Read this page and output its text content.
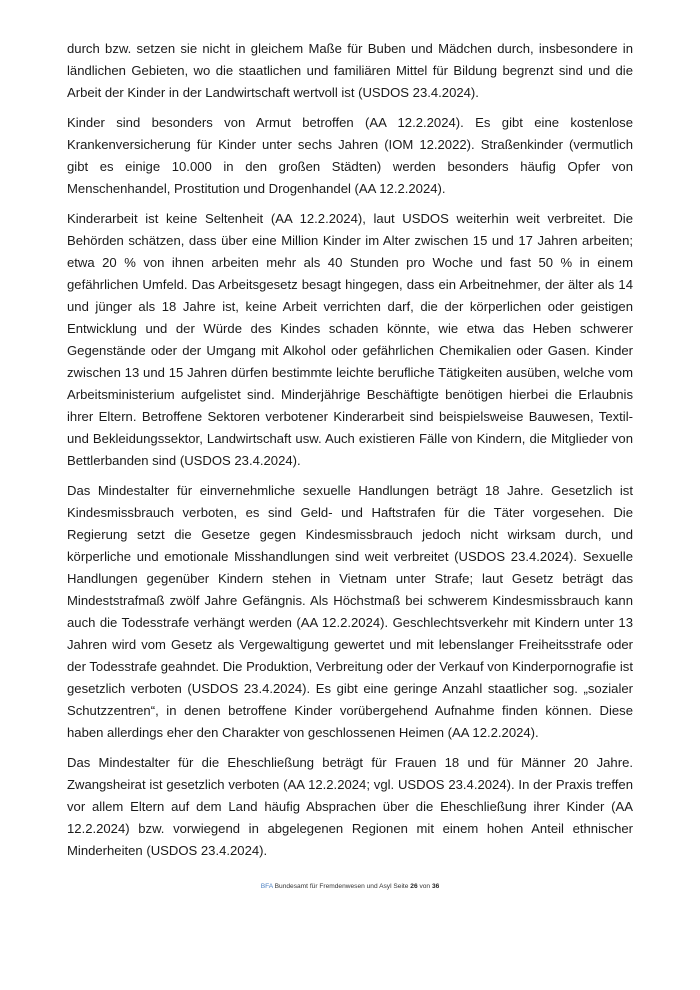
durch bzw. setzen sie nicht in gleichem Maße für Buben und Mädchen durch, insbesondere in ländlichen Gebieten, wo die staatlichen und familiären Mittel für Bildung begrenzt sind und die Arbeit der Kinder in der Landwirtschaft wertvoll ist (USDOS 23.4.2024).

Kinder sind besonders von Armut betroffen (AA 12.2.2024). Es gibt eine kostenlose Krankenversicherung für Kinder unter sechs Jahren (IOM 12.2022). Straßenkinder (vermutlich gibt es einige 10.000 in den großen Städten) werden besonders häufig Opfer von Menschenhandel, Prostitution und Drogenhandel (AA 12.2.2024).

Kinderarbeit ist keine Seltenheit (AA 12.2.2024), laut USDOS weiterhin weit verbreitet. Die Behörden schätzen, dass über eine Million Kinder im Alter zwischen 15 und 17 Jahren arbeiten; etwa 20 % von ihnen arbeiten mehr als 40 Stunden pro Woche und fast 50 % in einem gefährlichen Umfeld. Das Arbeitsgesetz besagt hingegen, dass ein Arbeitnehmer, der älter als 14 und jünger als 18 Jahre ist, keine Arbeit verrichten darf, die der körperlichen oder geistigen Entwicklung und der Würde des Kindes schaden könnte, wie etwa das Heben schwerer Gegenstände oder der Umgang mit Alkohol oder gefährlichen Chemikalien oder Gasen. Kinder zwischen 13 und 15 Jahren dürfen bestimmte leichte berufliche Tätigkeiten ausüben, welche vom Arbeitsministerium aufgelistet sind. Minderjährige Beschäftigte benötigen hierbei die Erlaubnis ihrer Eltern. Betroffene Sektoren verbotener Kinderarbeit sind beispielsweise Bauwesen, Textil- und Bekleidungssektor, Landwirtschaft usw. Auch existieren Fälle von Kindern, die Mitglieder von Bettlerbanden sind (USDOS 23.4.2024).

Das Mindestalter für einvernehmliche sexuelle Handlungen beträgt 18 Jahre. Gesetzlich ist Kindesmissbrauch verboten, es sind Geld- und Haftstrafen für die Täter vorgesehen. Die Regierung setzt die Gesetze gegen Kindesmissbrauch jedoch nicht wirksam durch, und körperliche und emotionale Misshandlungen sind weit verbreitet (USDOS 23.4.2024). Sexuelle Handlungen gegenüber Kindern stehen in Vietnam unter Strafe; laut Gesetz beträgt das Mindeststrafmaß zwölf Jahre Gefängnis. Als Höchstmaß bei schwerem Kindesmissbrauch kann auch die Todesstrafe verhängt werden (AA 12.2.2024). Geschlechtsverkehr mit Kindern unter 13 Jahren wird vom Gesetz als Vergewaltigung gewertet und mit lebenslanger Freiheitsstrafe oder der Todesstrafe geahndet. Die Produktion, Verbreitung oder der Verkauf von Kinderpornografie ist gesetzlich verboten (USDOS 23.4.2024). Es gibt eine geringe Anzahl staatlicher sog. „sozialer Schutzzentren“, in denen betroffene Kinder vorübergehend Aufnahme finden können. Diese haben allerdings eher den Charakter von geschlossenen Heimen (AA 12.2.2024).

Das Mindestalter für die Eheschließung beträgt für Frauen 18 und für Männer 20 Jahre. Zwangsheirat ist gesetzlich verboten (AA 12.2.2024; vgl. USDOS 23.4.2024). In der Praxis treffen vor allem Eltern auf dem Land häufig Absprachen über die Eheschließung ihrer Kinder (AA 12.2.2024) bzw. vorwiegend in abgelegenen Regionen mit einem hohen Anteil ethnischer Minderheiten (USDOS 23.4.2024).

BFA Bundesamt für Fremdenwesen und Asyl Seite 26 von 36
